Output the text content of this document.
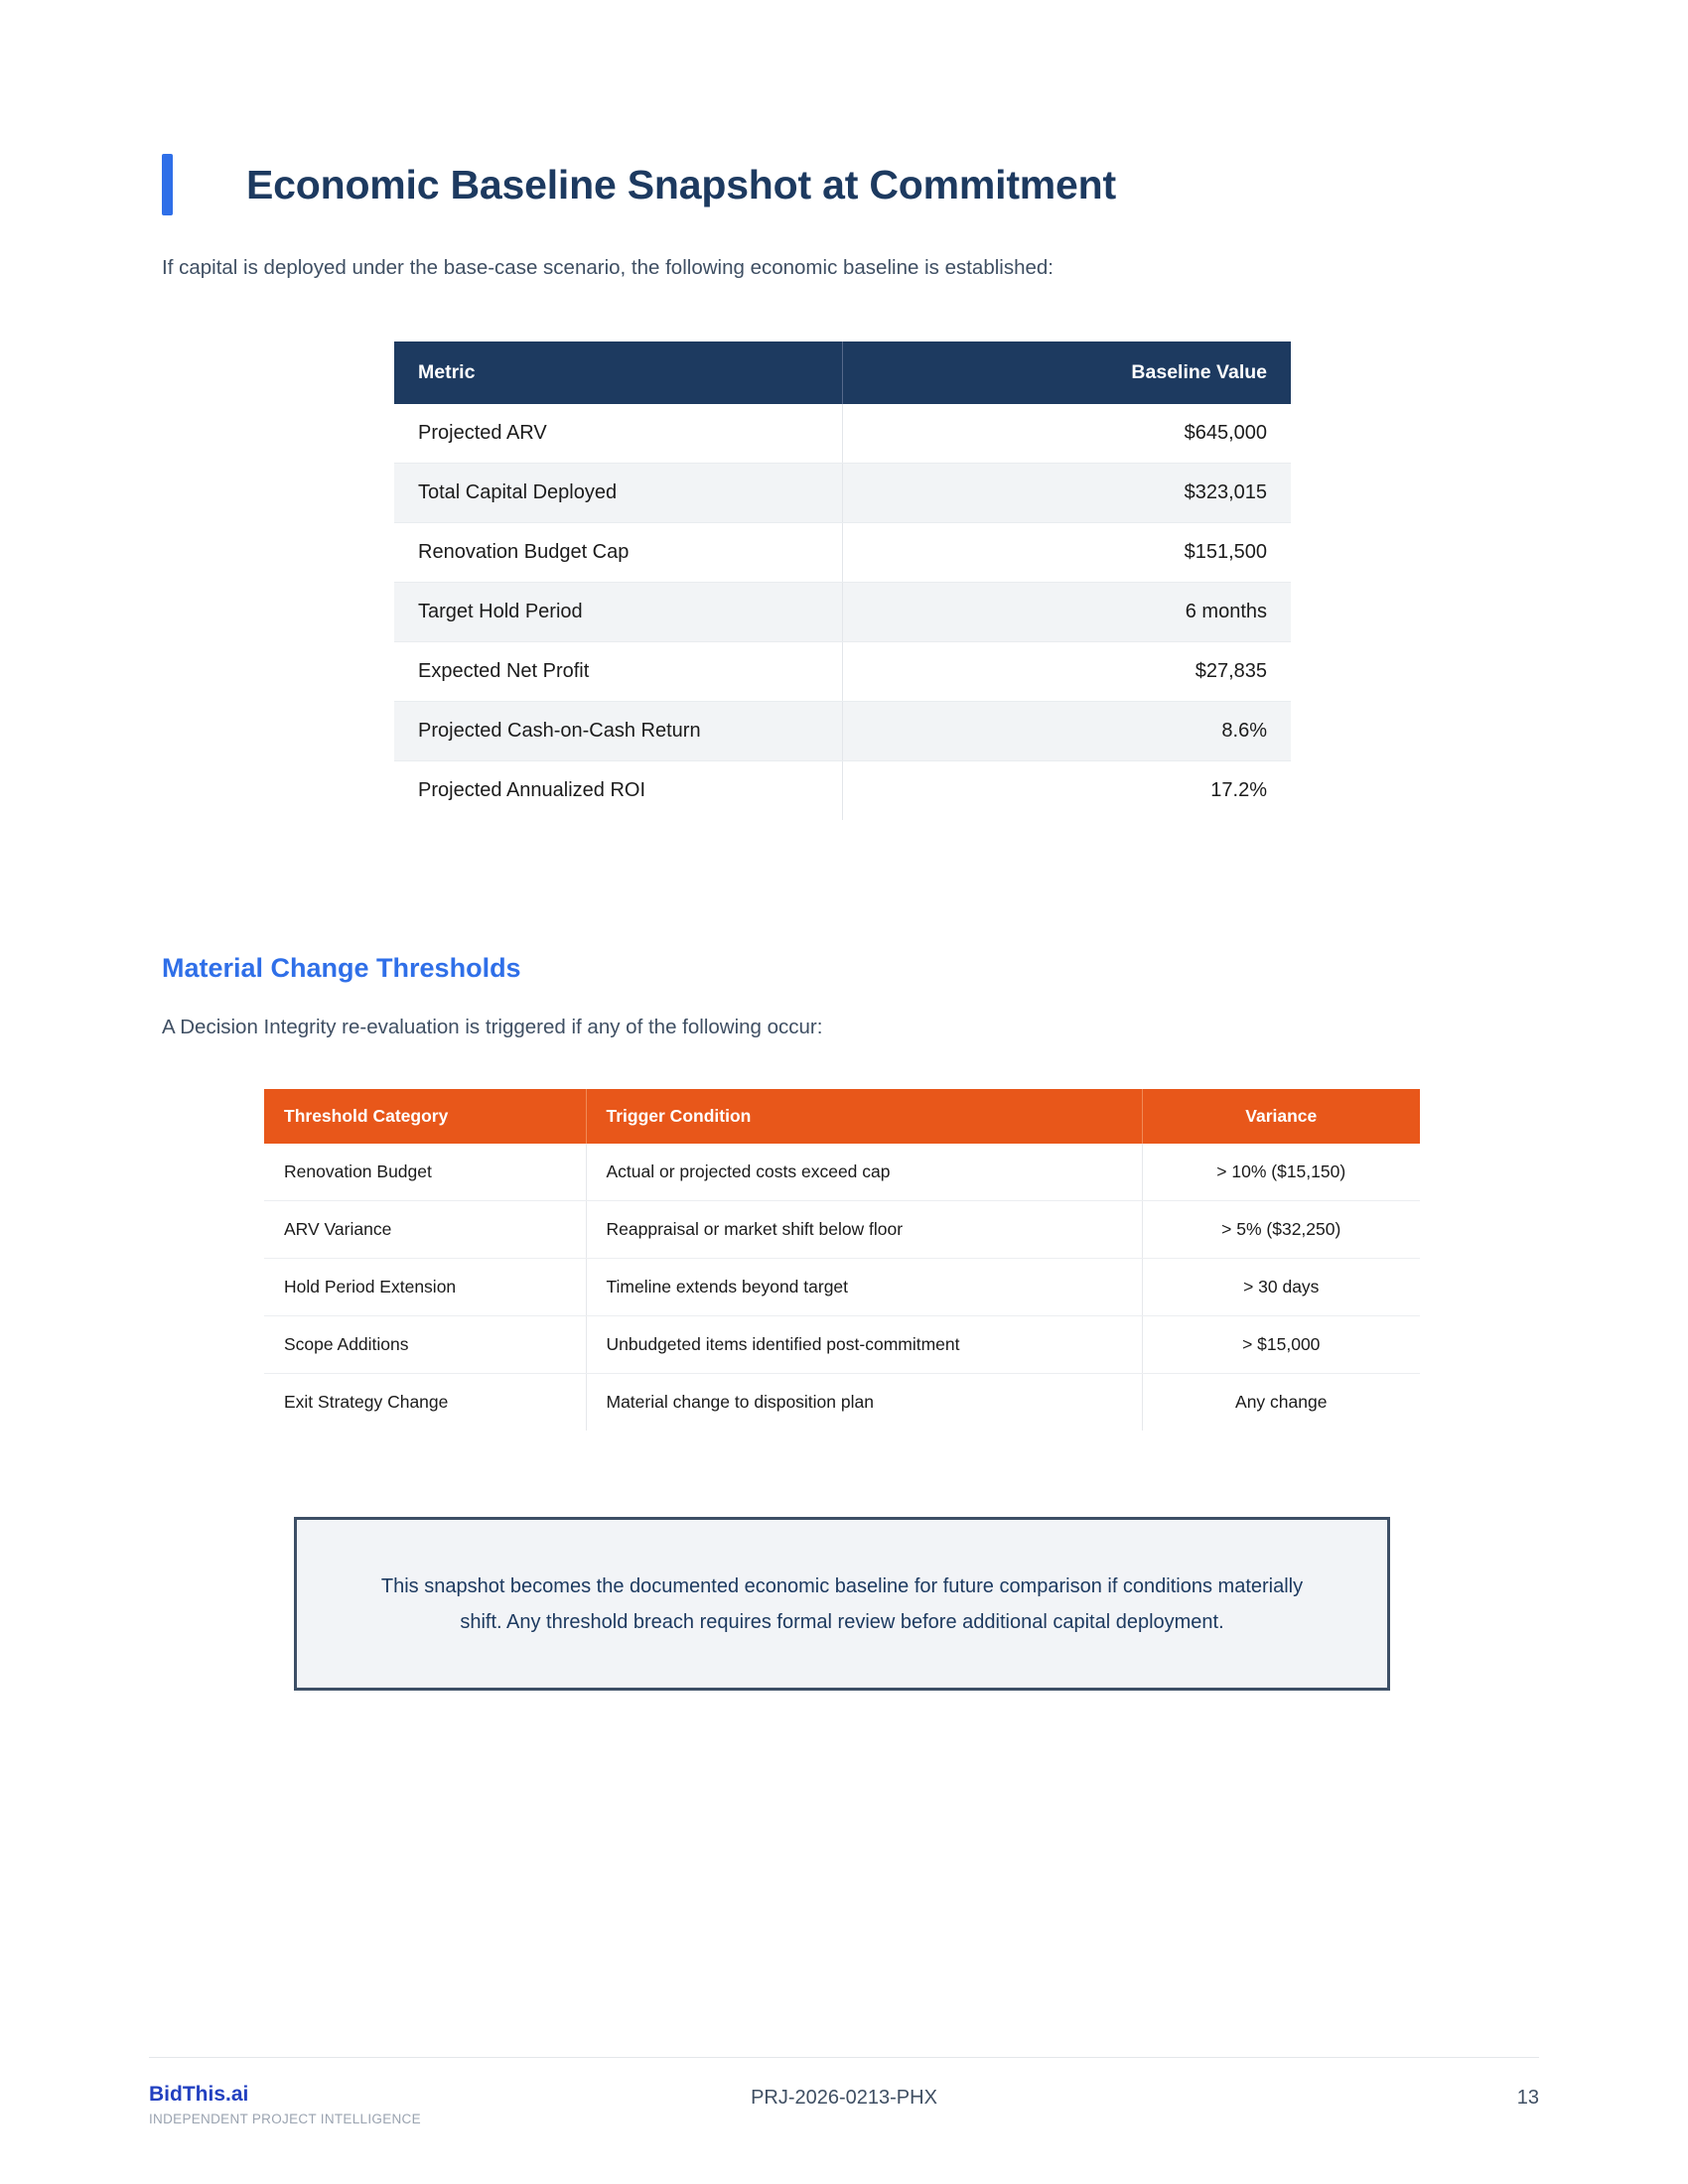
Economic Baseline Snapshot at Commitment
If capital is deployed under the base-case scenario, the following economic baseline is established:
Metric	Baseline Value
Projected ARV	$645,000
Total Capital Deployed	$323,015
Renovation Budget Cap	$151,500
Target Hold Period	6 months
Expected Net Profit	$27,835
Projected Cash-on-Cash Return	8.6%
Projected Annualized ROI	17.2%
Material Change Thresholds
A Decision Integrity re-evaluation is triggered if any of the following occur:
Threshold Category	Trigger Condition	Variance
Renovation Budget	Actual or projected costs exceed cap	> 10% ($15,150)
ARV Variance	Reappraisal or market shift below floor	> 5% ($32,250)
Hold Period Extension	Timeline extends beyond target	> 30 days
Scope Additions	Unbudgeted items identified post-commitment	> $15,000
Exit Strategy Change	Material change to disposition plan	Any change
This snapshot becomes the documented economic baseline for future comparison if conditions materially shift. Any threshold breach requires formal review before additional capital deployment.
BidThis.ai
INDEPENDENT PROJECT INTELLIGENCE
PRJ-2026-0213-PHX	13
